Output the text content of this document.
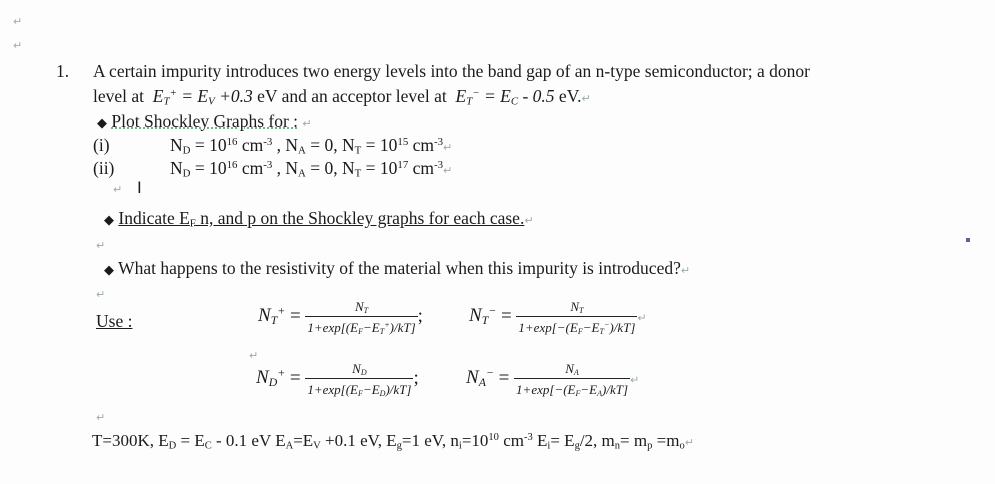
↵
↵
1. A certain impurity introduces two energy levels into the band gap of an n-type semiconductor; a donor
level at $E_T^+ = E_V +0.3$ eV and an acceptor level at $E_T^- = E_C - 0.5$ eV.↵
◆ Plot Shockley Graphs for : ↵
(i)	$N_D = 10^{16}$ $cm^{-3}$ , $N_A = 0$, $N_T = 10^{15}$ $cm^{-3}↵$
(ii)	$N_D = 10^{16}$ $cm^{-3}$ , $N_A = 0$, $N_T = 10^{17}$ $cm^{-3}↵$
↵ I
◆ Indicate $E_F$ n, and p on the Shockley graphs for each case.↵
↵
◆ What happens to the resistivity of the material when this impurity is introduced?↵
↵
Use :	$N_T^+ = \frac{N_T}{1+\exp[(E_F-E_T^+)/kT]}$ ; $N_T^- = \frac{N_T}{1+\exp[-(E_F-E_T^-)/kT]}$ ↵
↵
$N_D^+ = \frac{N_D}{1+\exp[(E_F-E_D)/kT]}$ ; $N_A^- = \frac{N_A}{1+\exp[-(E_F-E_A)/kT]}$ ↵
↵
T=300K, $E_D = E_C - 0.1$ eV $E_A=E_V +0.1$ eV, $E_g=1$ eV, $n_i=10^{10}$ $cm^{-3}$ $E_i= E_g/2$, $m_n= m_p$ $=m_o↵$
